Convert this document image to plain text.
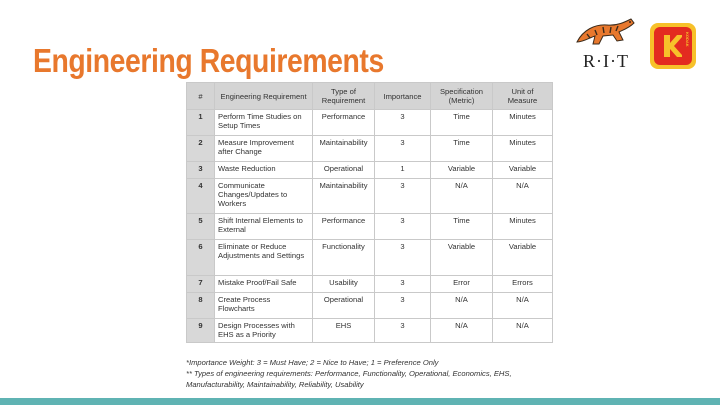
Engineering Requirements	R·I·T
KODAK
#	Engineering Requirement	Type of Requirement	Importance	Specification (Metric)	Unit of Measure
1	Perform Time Studies on Setup Times	Performance	3	Time	Minutes
2	Measure Improvement after Change	Maintainability	3	Time	Minutes
3	Waste Reduction	Operational	1	Variable	Variable
4	Communicate Changes/Updates to Workers	Maintainability	3	N/A	N/A
5	Shift Internal Elements to External	Performance	3	Time	Minutes
6	Eliminate or Reduce Adjustments and Settings	Functionality	3	Variable	Variable
7	Mistake Proof/Fail Safe	Usability	3	Error	Errors
8	Create Process Flowcharts	Operational	3	N/A	N/A
9	Design Processes with EHS as a Priority	EHS	3	N/A	N/A
*Importance Weight: 3 = Must Have; 2 = Nice to Have; 1 = Preference Only
** Types of engineering requirements: Performance, Functionality, Operational, Economics, EHS, Manufacturability, Maintainability, Reliability, Usability
